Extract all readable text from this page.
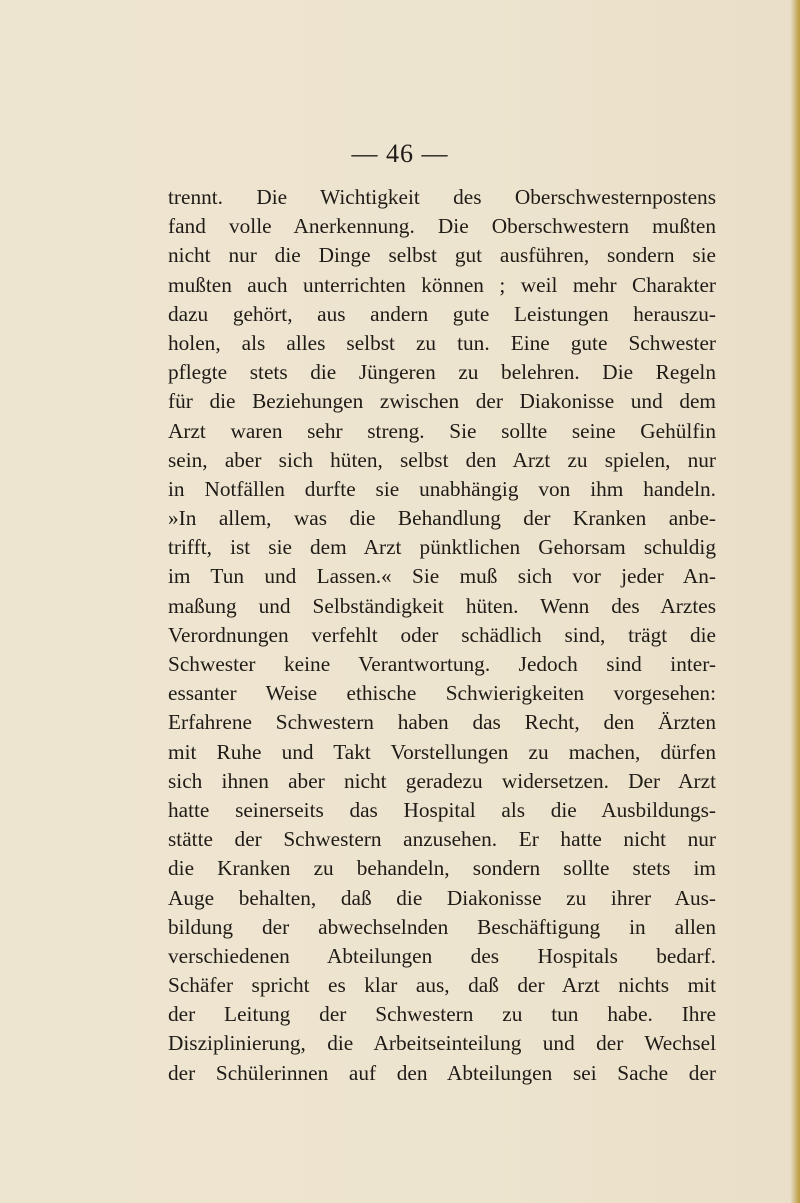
— 46 —
trennt. Die Wichtigkeit des Oberschwesternpostens
fand volle Anerkennung. Die Oberschwestern mußten
nicht nur die Dinge selbst gut ausführen, sondern sie
mußten auch unterrichten können ; weil mehr Charakter
dazu gehört, aus andern gute Leistungen herauszu-
holen, als alles selbst zu tun. Eine gute Schwester
pflegte stets die Jüngeren zu belehren. Die Regeln
für die Beziehungen zwischen der Diakonisse und dem
Arzt waren sehr streng. Sie sollte seine Gehülfin
sein, aber sich hüten, selbst den Arzt zu spielen, nur
in Notfällen durfte sie unabhängig von ihm handeln.
»In allem, was die Behandlung der Kranken anbe-
trifft, ist sie dem Arzt pünktlichen Gehorsam schuldig
im Tun und Lassen.« Sie muß sich vor jeder An-
maßung und Selbständigkeit hüten. Wenn des Arztes
Verordnungen verfehlt oder schädlich sind, trägt die
Schwester keine Verantwortung. Jedoch sind inter-
essanter Weise ethische Schwierigkeiten vorgesehen:
Erfahrene Schwestern haben das Recht, den Ärzten
mit Ruhe und Takt Vorstellungen zu machen, dürfen
sich ihnen aber nicht geradezu widersetzen. Der Arzt
hatte seinerseits das Hospital als die Ausbildungs-
stätte der Schwestern anzusehen. Er hatte nicht nur
die Kranken zu behandeln, sondern sollte stets im
Auge behalten, daß die Diakonisse zu ihrer Aus-
bildung der abwechselnden Beschäftigung in allen
verschiedenen Abteilungen des Hospitals bedarf.
Schäfer spricht es klar aus, daß der Arzt nichts mit
der Leitung der Schwestern zu tun habe. Ihre
Disziplinierung, die Arbeitseinteilung und der Wechsel
der Schülerinnen auf den Abteilungen sei Sache der
